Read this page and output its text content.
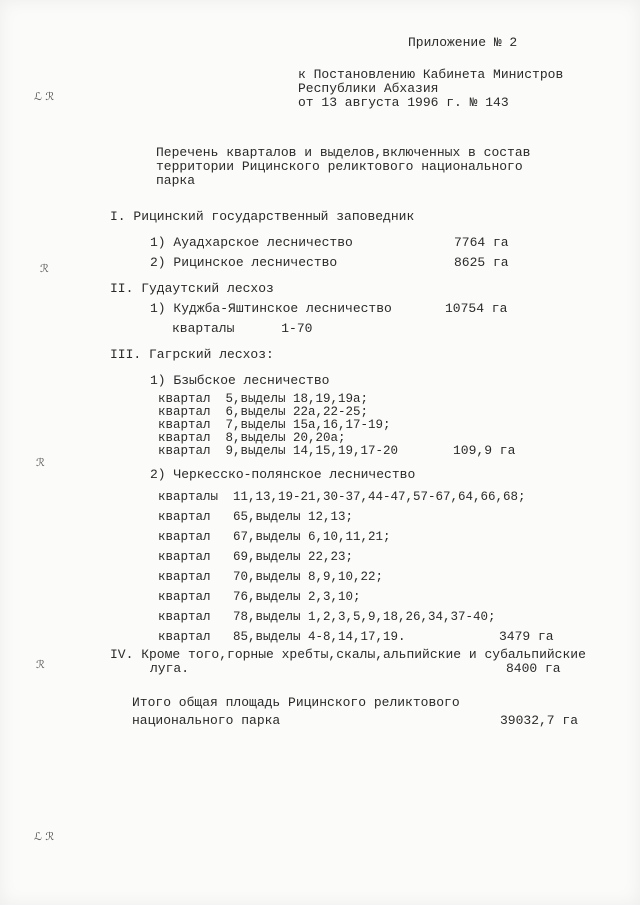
Приложение № 2
к Постановлению Кабинета Министров
Республики Абхазия
от 13 августа 1996 г. № 143
Перечень кварталов и выделов,включенных в состав
территории Рицинского реликтового национального
парка
I. Рицинский государственный заповедник
1) Ауадхарское лесничество	7764 га
2) Рицинское лесничество	8625 га
II. Гудаутский лесхоз
1) Куджба-Яштинское лесничество	10754 га
кварталы      1-70
III. Гагрский лесхоз:
1) Бзыбское лесничество
квартал  5,выделы 18,19,19а;
квартал  6,выделы 22а,22-25;
квартал  7,выделы 15а,16,17-19;
квартал  8,выделы 20,20а;
квартал  9,выделы 14,15,19,17-20	109,9 га
2) Черкесско-полянское лесничество
кварталы  11,13,19-21,30-37,44-47,57-67,64,66,68;
квартал   65,выделы 12,13;
квартал   67,выделы 6,10,11,21;
квартал   69,выделы 22,23;
квартал   70,выделы 8,9,10,22;
квартал   76,выделы 2,3,10;
квартал   78,выделы 1,2,3,5,9,18,26,34,37-40;
квартал   85,выделы 4-8,14,17,19.	3479 га
IV. Кроме того,горные хребты,скалы,альпийские и субальпийские
луга.	8400 га
Итого общая площадь Рицинского реликтового
национального парка	39032,7 га
ℒ ℛ
ℛ
ℛ
ℛ
ℒ ℛ
